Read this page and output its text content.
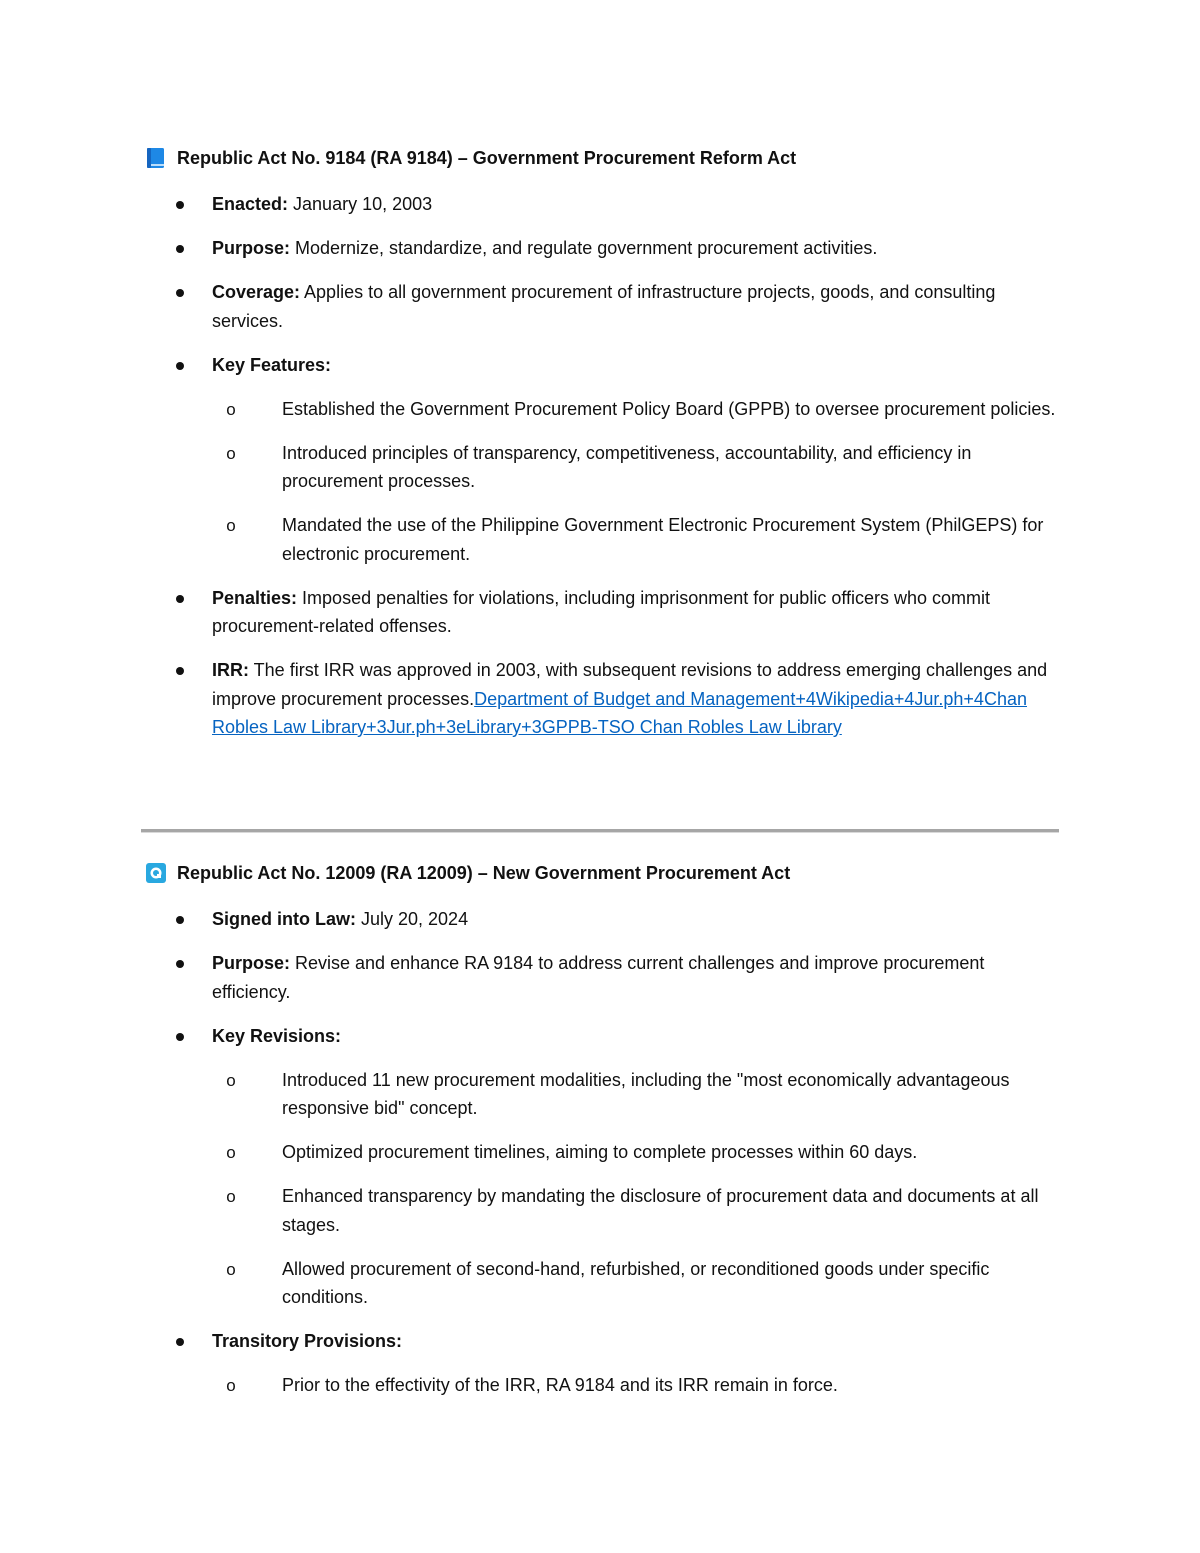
Republic Act No. 9184 (RA 9184) – Government Procurement Reform Act
Enacted: January 10, 2003
Purpose: Modernize, standardize, and regulate government procurement activities.
Coverage: Applies to all government procurement of infrastructure projects, goods, and consulting services.
Key Features:
o	Established the Government Procurement Policy Board (GPPB) to oversee procurement policies.
o	Introduced principles of transparency, competitiveness, accountability, and efficiency in procurement processes.
o	Mandated the use of the Philippine Government Electronic Procurement System (PhilGEPS) for electronic procurement.
Penalties: Imposed penalties for violations, including imprisonment for public officers who commit procurement-related offenses.
IRR: The first IRR was approved in 2003, with subsequent revisions to address emerging challenges and improve procurement processes.Department of Budget and Management+4Wikipedia+4Jur.ph+4Chan Robles Law Library+3Jur.ph+3eLibrary+3GPPB-TSO Chan Robles Law Library
Republic Act No. 12009 (RA 12009) – New Government Procurement Act
Signed into Law: July 20, 2024
Purpose: Revise and enhance RA 9184 to address current challenges and improve procurement efficiency.
Key Revisions:
o	Introduced 11 new procurement modalities, including the "most economically advantageous responsive bid" concept.
o	Optimized procurement timelines, aiming to complete processes within 60 days.
o	Enhanced transparency by mandating the disclosure of procurement data and documents at all stages.
o	Allowed procurement of second-hand, refurbished, or reconditioned goods under specific conditions.
Transitory Provisions:
o	Prior to the effectivity of the IRR, RA 9184 and its IRR remain in force.
